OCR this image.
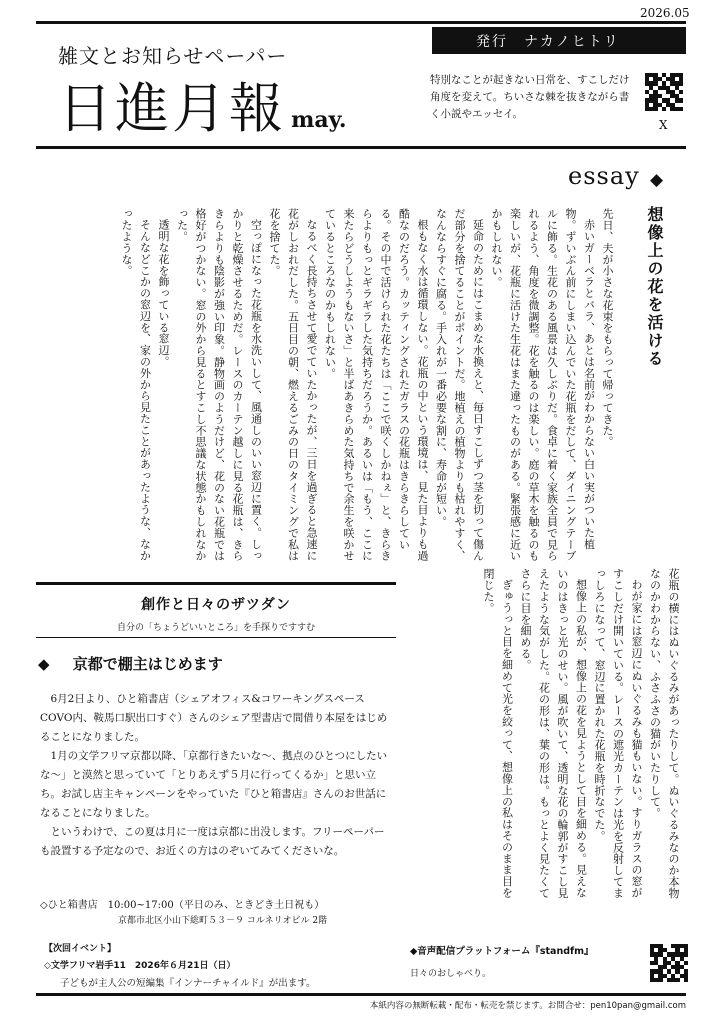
2026.05
雑文とお知らせペーパー
日進月報 may.
発行　ナカノヒトリ
特別なことが起きない日常を、すこしだけ角度を変えて。ちいさな棘を抜きながら書く小説やエッセイ。
X
essay ◆
想像上の花を活ける

先日、夫が小さな花束をもらって帰ってきた。

赤いガーベラとバラ、あとは名前がわからない白い実がついた植物。ずいぶん前にしまい込んでいた花瓶をだして、ダイニングテーブルに飾る。生花のある風景は久しぶりだ。食卓に着く家族全員で見られるよう、角度を微調整。花を触るのは楽しい。庭の草木を触るのも楽しいが、花瓶に活けた生花はまた違ったものがある。緊張感に近いかもしれない。

延命のためにはこまめな水換えと、毎日すこしずつ茎を切って傷んだ部分を捨てることがポイントだ。地植えの植物よりも枯れやすく、なんならすぐに腐る。手入れが一番必要な割に、寿命が短い。

根もなく水は循環しない。花瓶の中という環境は、見た目よりも過酷なのだろう。カッティングされたガラスの花瓶はきらきらしている。その中で活けられた花たちは「ここで咲くしかねぇ」と、きらきらよりもっとギラギラした気持ちだろうか。あるいは「もう、ここに来たらどうしようもないさ」と半ばあきらめた気持ちで余生を咲かせているところなのかもしれない。

なるべく長持ちさせて愛でていたかったが、三日を過ぎると急速に花がしおれだした。五日目の朝、燃えるごみの日のタイミングで私は花を捨てた。

空っぽになった花瓶を水洗いして、風通しのいい窓辺に置く。しっかりと乾燥させるためだ。レースのカーテン越しに見る花瓶は、きらきらよりも陰影が強い印象。静物画のようだけど、花のない花瓶では格好がつかない。窓の外から見るとすこし不思議な状態かもしれなかった。

透明な花を飾っている窓辺。

そんなどこかの窓辺を、家の外から見たことがあったような、なかったような。

花瓶の横にはぬいぐるみがあったりして。ぬいぐるみなのか本物なのかわからない、ふさふさの猫がいたりして。

わが家には窓辺にぬいぐるみも猫もいない。すりガラスの窓がすこしだけ開いている。レースの遮光カーテンは光を反射してまっしろになって、窓辺に置かれた花瓶を時折なでた。

想像上の私が、想像上の花を見ようとして目を細める。見えないのはきっと光のせい。風が吹いて、透明な花の輪郭がすこし見えたような気がした。花の形は、葉の形は。もっとよく見たくてさらに目を細める。

ぎゅうっと目を細めて光を絞って、想像上の私はそのまま目を閉じた。

創作と日々のザツダン
自分の「ちょうどいいところ」を手探りですすむ
◆ 京都で棚主はじめます

6月2日より、ひと箱書店（シェアオフィス&コワーキングスペースCOVO内、鞍馬口駅出口すぐ）さんのシェア型書店で間借り本屋をはじめることになりました。

1月の文学フリマ京都以降、「京都行きたいな〜、拠点のひとつにしたいな〜」と漠然と思っていて「とりあえず５月に行ってくるか」と思い立ち。お試し店主キャンペーンをやっていた『ひと箱書店』さんのお世話になることになりました。

というわけで、この夏は月に一度は京都に出没します。フリーペーパーも設置する予定なので、お近くの方はのぞいてみてくださいな。

◇ひと箱書店　10:00~17:00（平日のみ、ときどき土日祝も）
京都市北区小山下総町５３－９ コルネリオビル 2階
【次回イベント】
◇文学フリマ岩手11　2026年６月21日（日）
子どもが主人公の短編集『インナーチャイルド』が出ます。
◆音声配信プラットフォーム『standfm』
日々のおしゃべり。
本紙内容の無断転載・配布・転売を禁じます。お問合せ：pen10pan@gmail.com
